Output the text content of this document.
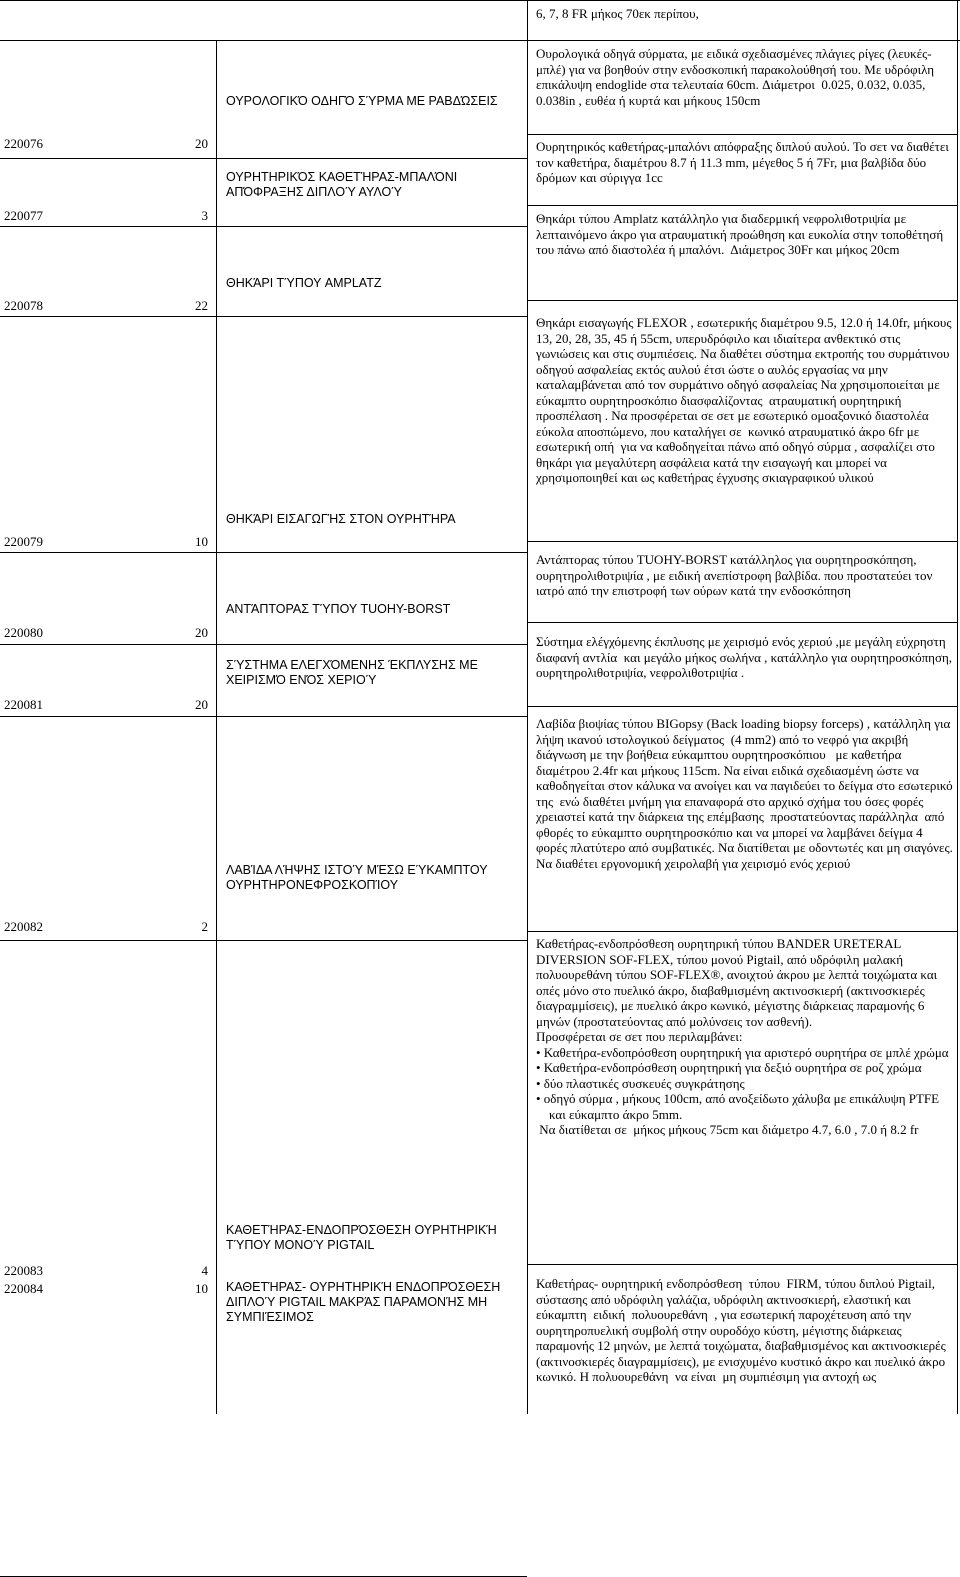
6, 7, 8 FR μήκος 70εκ περίπου,
220076	20
ΟΥΡΟΛΟΓΙΚΌ ΟΔΗΓΌ ΣΎΡΜΑ ΜΕ ΡΑΒΔΏΣΕΙΣ
Ουρολογικά οδηγά σύρματα, με ειδικά σχεδιασμένες πλάγιες ρίγες (λευκές-μπλέ) για να βοηθούν στην ενδοσκοπική παρακολούθησή του. Με υδρόφιλη επικάλυψη endoglide στα τελευταία 60cm. Διάμετροι  0.025, 0.032, 0.035, 0.038in , ευθέα ή κυρτά και μήκους 150cm
220077	3
ΟΥΡΗΤΗΡΙΚΌΣ ΚΑΘΕΤΉΡΑΣ-ΜΠΑΛΌΝΙ ΑΠΌΦΡΑΞΗΣ ΔΙΠΛΟΎ ΑΥΛΟΎ
Ουρητηρικός καθετήρας-μπαλόνι απόφραξης διπλού αυλού. Το σετ να διαθέτει τον καθετήρα, διαμέτρου 8.7 ή 11.3 mm, μέγεθος 5 ή 7Fr, μια βαλβίδα δύο δρόμων και σύριγγα 1cc
220078	22
ΘΗΚΆΡΙ ΤΎΠΟΥ AMPLATZ
Θηκάρι τύπου Amplatz κατάλληλο για διαδερμική νεφρολιθοτριψία με λεπταινόμενο άκρο για ατραυματική προώθηση και ευκολία στην τοποθέτησή του πάνω από διαστολέα ή μπαλόνι.  Διάμετρος 30Fr και μήκος 20cm
220079	10
ΘΗΚΆΡΙ ΕΙΣΑΓΩΓΉΣ ΣΤΟΝ ΟΥΡΗΤΉΡΑ
Θηκάρι εισαγωγής FLEXOR , εσωτερικής διαμέτρου 9.5, 12.0 ή 14.0fr, μήκους 13, 20, 28, 35, 45 ή 55cm, υπερυδρόφιλο και ιδιαίτερα ανθεκτικό στις γωνιώσεις και στις συμπιέσεις. Να διαθέτει σύστημα εκτροπής του συρμάτινου οδηγού ασφαλείας εκτός αυλού έτσι ώστε ο αυλός εργασίας να μην καταλαμβάνεται από τον συρμάτινο οδηγό ασφαλείας Να χρησιμοποιείται με εύκαμπτο ουρητηροσκόπιο διασφαλίζοντας  ατραυματική ουρητηρική προσπέλαση . Να προσφέρεται σε σετ με εσωτερικό ομοαξονικό διαστολέα εύκολα αποσπώμενο, που καταλήγει σε  κωνικό ατραυματικό άκρο 6fr με εσωτερική οπή  για να καθοδηγείται πάνω από οδηγό σύρμα , ασφαλίζει στο θηκάρι για μεγαλύτερη ασφάλεια κατά την εισαγωγή και μπορεί να χρησιμοποιηθεί και ως καθετήρας έγχυσης σκιαγραφικού υλικού
220080	20
ΑΝΤΆΠΤΟΡΑΣ ΤΎΠΟΥ TUOHY-BORST
Αντάπτορας τύπου TUOHY-BORST κατάλληλος για ουρητηροσκόπηση, ουρητηρολιθοτριψία , με ειδική ανεπίστροφη βαλβίδα. που προστατεύει τον ιατρό από την επιστροφή των ούρων κατά την ενδοσκόπηση
220081	20
ΣΎΣΤΗΜΑ ΕΛΕΓΧΌΜΕΝΗΣ ΈΚΠΛΥΣΗΣ ΜΕ ΧΕΙΡΙΣΜΌ ΕΝΌΣ ΧΕΡΙΟΎ
Σύστημα ελέγχόμενης έκπλυσης με χειρισμό ενός χεριού ,με μεγάλη εύχρηστη διαφανή αντλία  και μεγάλο μήκος σωλήνα , κατάλληλο για ουρητηροσκόπηση, ουρητηρολιθοτριψία, νεφρολιθοτριψία .
220082	2
ΛΑΒΊΔΑ ΛΉΨΗΣ ΙΣΤΟΎ ΜΈΣΩ ΕΎΚΑΜΠΤΟΥ ΟΥΡΗΤΗΡΟΝΕΦΡΟΣΚΟΠΊΟΥ
Λαβίδα βιοψίας τύπου BIGopsy (Back loading biopsy forceps) , κατάλληλη για λήψη ικανού ιστολογικού δείγματος  (4 mm2) από το νεφρό για ακριβή διάγνωση με την βοήθεια εύκαμπτου ουρητηροσκόπιου   με καθετήρα  διαμέτρου 2.4fr και μήκους 115cm. Να είναι ειδικά σχεδιασμένη ώστε να καθοδηγείται στον κάλυκα να ανοίγει και να παγιδεύει το δείγμα στο εσωτερικό της  ενώ διαθέτει μνήμη για επαναφορά στο αρχικό σχήμα του όσες φορές χρειαστεί κατά την διάρκεια της επέμβασης  προστατεύοντας παράλληλα  από φθορές το εύκαμπτο ουρητηροσκόπιο και να μπορεί να λαμβάνει δείγμα 4 φορές πλατύτερο από συμβατικές. Να διατίθεται με οδοντωτές και μη σιαγόνες. Να διαθέτει εργονομική χειρολαβή για χειρισμό ενός χεριού
220083	4
ΚΑΘΕΤΉΡΑΣ-ΕΝΔΟΠΡΌΣΘΕΣΗ ΟΥΡΗΤΗΡΙΚΉ  ΤΎΠΟΥ ΜΟΝΟΎ PIGTAIL

Καθετήρας-ενδοπρόσθεση ουρητηρική τύπου BANDER URETERAL DIVERSION SOF-FLEX, τύπου μονού Pigtail, από υδρόφιλη μαλακή πολυουρεθάνη τύπου SOF-FLEX®, ανοιχτού άκρου με λεπτά τοιχώματα και οπές μόνο στο πυελικό άκρο, διαβαθμισμένη ακτινοσκιερή (ακτινοσκιερές διαγραμμίσεις), με πυελικό άκρο κωνικό, μέγιστης διάρκειας παραμονής 6 μηνών (προστατεύοντας από μολύνσεις τον ασθενή).

Προσφέρεται σε σετ που περιλαμβάνει:

• Καθετήρα-ενδοπρόσθεση ουρητηρική για αριστερό ουρητήρα σε μπλέ χρώμα

• Καθετήρα-ενδοπρόσθεση ουρητηρική για δεξιό ουρητήρα σε ροζ χρώμα

• δύο πλαστικές συσκευές συγκράτησης

• οδηγό σύρμα , μήκους 100cm, από ανοξείδωτο χάλυβα με επικάλυψη PTFE

και εύκαμπτο άκρο 5mm.

Να διατίθεται σε  μήκος μήκους 75cm και διάμετρο 4.7, 6.0 , 7.0 ή 8.2 fr

220084	10 ΚΑΘΕΤΉΡΑΣ- ΟΥΡΗΤΗΡΙΚΉ ΕΝΔΟΠΡΌΣΘΕΣΗ ΔΙΠΛΟΎ PIGTAIL ΜΑΚΡΆΣ ΠΑΡΑΜΟΝΉΣ ΜΗ ΣΥΜΠΙΈΣΙΜΟΣ
Καθετήρας- ουρητηρική ενδοπρόσθεση  τύπου  FIRM, τύπου διπλού Pigtail,  σύστασης από υδρόφιλη γαλάζια, υδρόφιλη ακτινοσκιερή, ελαστική και εύκαμπτη  ειδική  πολυουρεθάνη  , για εσωτερική παροχέτευση από την ουρητηροπυελική συμβολή στην ουροδόχο κύστη, μέγιστης διάρκειας παραμονής 12 μηνών, με λεπτά τοιχώματα, διαβαθμισμένος και ακτινοσκιερές  (ακτινοσκιερές διαγραμμίσεις), με ενισχυμένο κυστικό άκρο και πυελικό άκρο κωνικό. Η πολυουρεθάνη  να είναι  μη συμπιέσιμη για αντοχή ως
